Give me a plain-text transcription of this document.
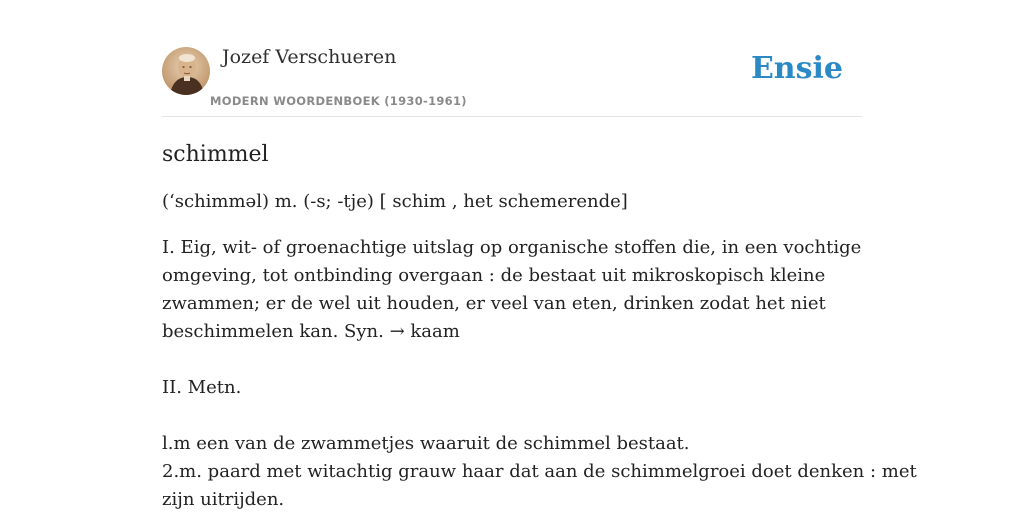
Jozef Verschueren
MODERN WOORDENBOEK (1930-1961)
Ensie
schimmel

(ʻschimmǝl) m. (-s; -tje) [ schim , het schemerende]

I. Eig, wit- of groenachtige uitslag op organische stoffen die, in een vochtige

omgeving, tot ontbinding overgaan : de bestaat uit mikroskopisch kleine

zwammen; er de wel uit houden, er veel van eten, drinken zodat het niet

beschimmelen kan. Syn. → kaam

II. Metn.

l.m een van de zwammetjes waaruit de schimmel bestaat.

2.m. paard met witachtig grauw haar dat aan de schimmelgroei doet denken : met

zijn uitrijden.
